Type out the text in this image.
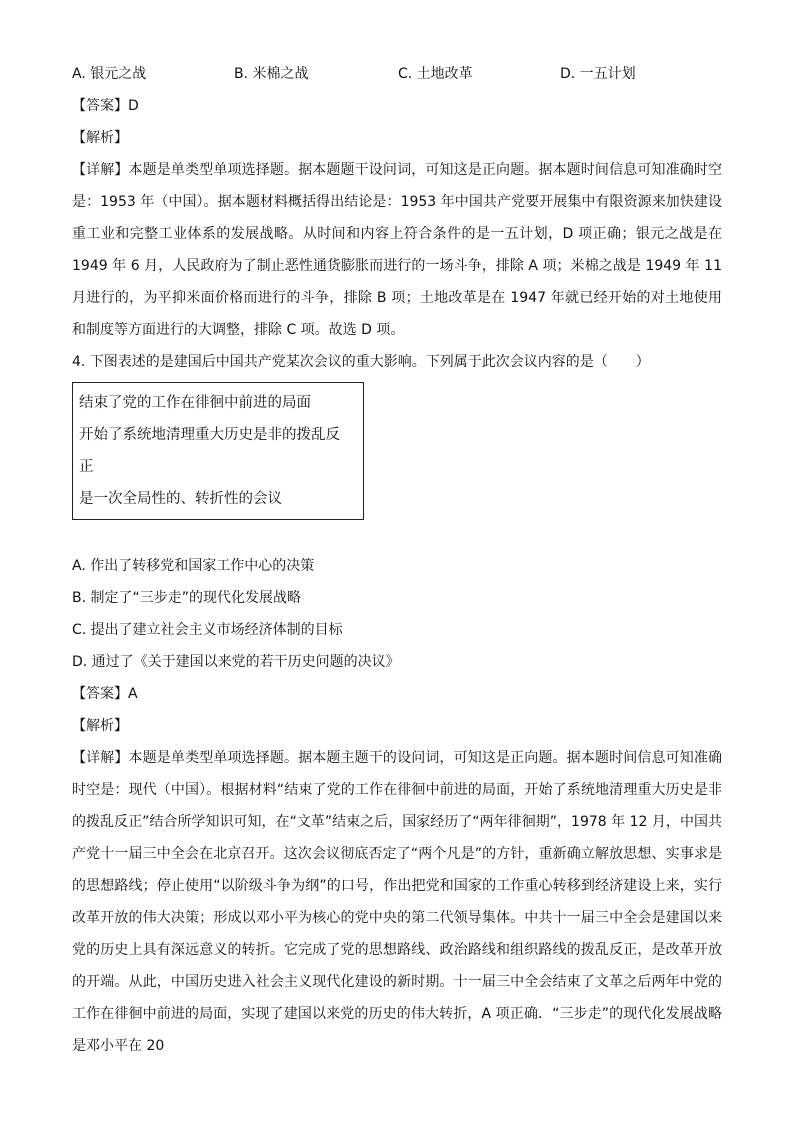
A. 银元之战	B. 米棉之战	C. 土地改革	D. 一五计划
【答案】D
【解析】
【详解】本题是单类型单项选择题。据本题题干设问词，可知这是正向题。据本题时间信息可知准确时空是：1953 年（中国）。据本题材料概括得出结论是：1953 年中国共产党要开展集中有限资源来加快建设重工业和完整工业体系的发展战略。从时间和内容上符合条件的是一五计划，D 项正确；银元之战是在 1949 年 6 月，人民政府为了制止恶性通货膨胀而进行的一场斗争，排除 A 项；米棉之战是 1949 年 11 月进行的，为平抑米面价格而进行的斗争，排除 B 项；土地改革是在 1947 年就已经开始的对土地使用和制度等方面进行的大调整，排除 C 项。故选 D 项。
4. 下图表述的是建国后中国共产党某次会议的重大影响。下列属于此次会议内容的是（　　）
结束了党的工作在徘徊中前进的局面
开始了系统地清理重大历史是非的拨乱反
正
是一次全局性的、转折性的会议
A. 作出了转移党和国家工作中心的决策
B. 制定了“三步走”的现代化发展战略
C. 提出了建立社会主义市场经济体制的目标
D. 通过了《关于建国以来党的若干历史问题的决议》
【答案】A
【解析】
【详解】本题是单类型单项选择题。据本题主题干的设问词，可知这是正向题。据本题时间信息可知准确时空是：现代（中国）。根据材料“结束了党的工作在徘徊中前进的局面，开始了系统地清理重大历史是非的拨乱反正”结合所学知识可知，在“文革”结束之后，国家经历了“两年徘徊期”，1978 年 12 月，中国共产党十一届三中全会在北京召开。这次会议彻底否定了“两个凡是”的方针，重新确立解放思想、实事求是的思想路线；停止使用“以阶级斗争为纲”的口号，作出把党和国家的工作重心转移到经济建设上来，实行改革开放的伟大决策；形成以邓小平为核心的党中央的第二代领导集体。中共十一届三中全会是建国以来党的历史上具有深远意义的转折。它完成了党的思想路线、政治路线和组织路线的拨乱反正，是改革开放的开端。从此，中国历史进入社会主义现代化建设的新时期。十一届三中全会结束了文革之后两年中党的工作在徘徊中前进的局面，实现了建国以来党的历史的伟大转折，A 项正确．“三步走”的现代化发展战略是邓小平在 20
